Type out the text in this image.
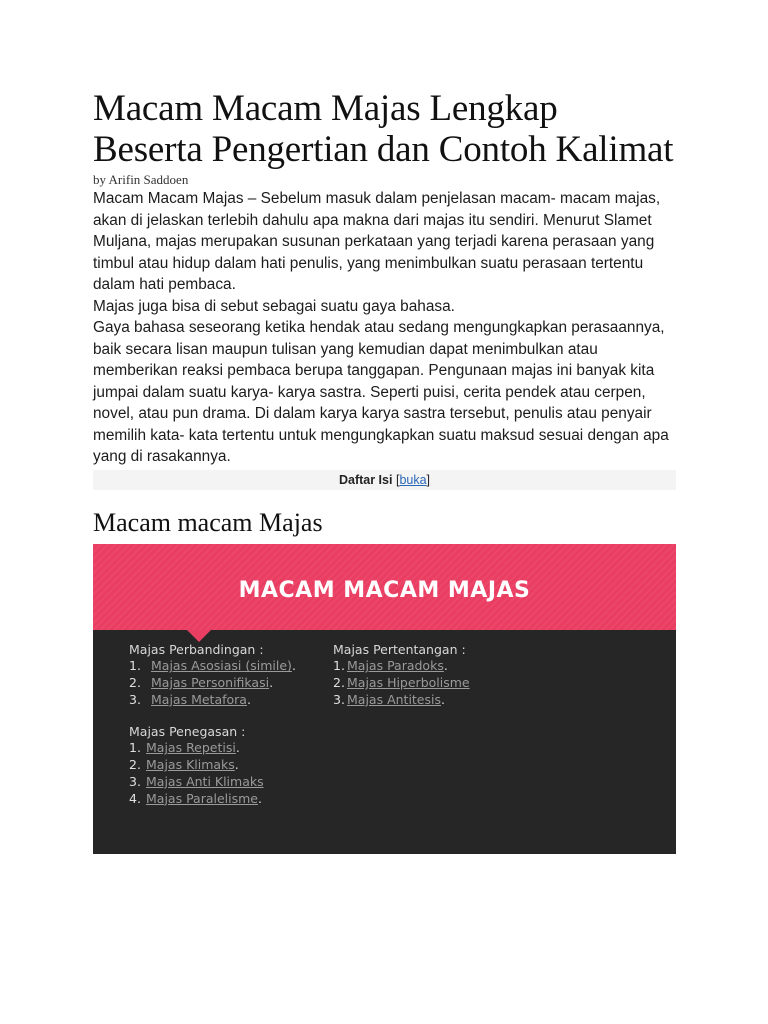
Macam Macam Majas Lengkap Beserta Pengertian dan Contoh Kalimat
by Arifin Saddoen

Macam Macam Majas – Sebelum masuk dalam penjelasan macam- macam majas, akan di jelaskan terlebih dahulu apa makna dari majas itu sendiri. Menurut Slamet Muljana, majas merupakan susunan perkataan yang terjadi karena perasaan yang timbul atau hidup dalam hati penulis, yang menimbulkan suatu perasaan tertentu dalam hati pembaca.

Majas juga bisa di sebut sebagai suatu gaya bahasa.

Gaya bahasa seseorang ketika hendak atau sedang mengungkapkan perasaannya, baik secara lisan maupun tulisan yang kemudian dapat menimbulkan atau memberikan reaksi pembaca berupa tanggapan. Pengunaan majas ini banyak kita jumpai dalam suatu karya- karya sastra. Seperti puisi, cerita pendek atau cerpen, novel, atau pun drama. Di dalam karya karya sastra tersebut, penulis atau penyair memilih kata- kata tertentu untuk mengungkapkan suatu maksud sesuai dengan apa yang di rasakannya.

Daftar Isi [buka]
Macam macam Majas
MACAM MACAM MAJAS
Majas Perbandingan :
1. Majas Asosiasi (simile).
2. Majas Personifikasi.
3. Majas Metafora.
Majas Pertentangan :
1. Majas Paradoks.
2. Majas Hiperbolisme
3. Majas Antitesis.
Majas Penegasan :
1. Majas Repetisi.
2. Majas Klimaks.
3. Majas Anti Klimaks
4. Majas Paralelisme.
